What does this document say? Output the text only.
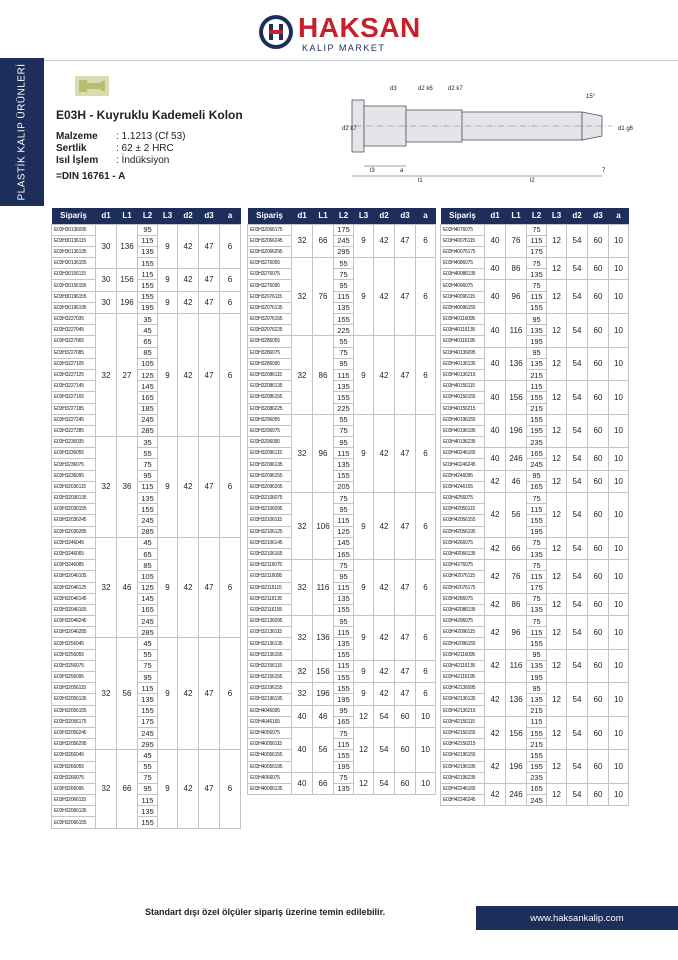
PLASTİK KALIP ÜRÜNLERİ
HAKSAN
KALIP MARKET
E03H - Kuyruklu Kademeli Kolon
Malzeme : 1.1213 (Cf 53)
Sertlik	: 62 ± 2 HRC
Isıl İşlem : İndüksiyon
=DIN 16761 - A
d3	d2 k6	d2 k7
15°
d2 k7	d1 g6
l3	a
l1	l2
7
Sipariş	d1	L1	L2	L3	d2	d3	a
E03H30136095	30	136	95	9	42	47	6
E03H30136115			115				
E03H30136135			135				
E03H30136155			155				
E03H30156115	30	156	115	9	42	47	6
E03H30156155			155				
E03H30196155	30	196	155	9	42	47	6
E03H30196195			195				
E03H3227035	32	27	35	9	42	47	6
E03H3227045			45				
E03H3227065			65				
E03H3227085			85				
E03H3227105			105				
E03H3227125			125				
E03H3227145			145				
E03H3227165			165				
E03H3227185			185				
E03H3227245			245				
E03H3227285			285				
E03H3236035	32	36	35	9	42	47	6
E03H3236055			55				
E03H3236075			75				
E03H3236095			95				
E03H32036115			115				
E03H32036135			135				
E03H32036155			155				
E03H32036245			245				
E03H32036285			285				
E03H3246045	32	46	45	9	42	47	6
E03H3246065			65				
E03H3246085			85				
E03H32046105			105				
E03H32046125			125				
E03H32046145			145				
E03H32046165			165				
E03H32046245			245				
E03H32046285			285				
E03H3256045	32	56	45	9	42	47	6
E03H3256055			55				
E03H3256075			75				
E03H3256095			95				
E03H32056115			115				
E03H32056135			135				
E03H32056155			155				
E03H32056175			175				
E03H32056245			245				
E03H32056295			295				
E03H3266045	32	66	45	9	42	47	6
E03H3266055			55				
E03H3266075			75				
E03H3266095			95				
E03H32066115			115				
E03H32066135			135				
E03H32066155			155				
Sipariş	d1	L1	L2	L3	d2	d3	a
E03H32066175	32	66	175	9	42	47	6
E03H32066245			245				
E03H32066295			295				
E03H3276055	32	76	55	9	42	47	6
E03H3276075			75				
E03H3276095			95				
E03H32076115			115				
E03H32076135			135				
E03H32076155			155				
E03H32076225			225				
E03H3286055	32	86	55	9	42	47	6
E03H3286075			75				
E03H3286095			95				
E03H32086115			115				
E03H32086135			135				
E03H32086155			155				
E03H32086225			225				
E03H3296055	32	96	55	9	42	47	6
E03H3296075			75				
E03H3296095			95				
E03H32096115			115				
E03H32096135			135				
E03H32096155			155				
E03H32096205			205				
E03H32106075	32	106	75	9	42	47	6
E03H32106095			95				
E03H32106115			115				
E03H32106125			125				
E03H32106145			145				
E03H32106165			165				
E03H32116075	32	116	75	9	42	47	6
E03H32116095			95				
E03H32116115			115				
E03H32116135			135				
E03H32116155			155				
E03H32136095	32	136	95	9	42	47	6
E03H32136115			115				
E03H32136135			135				
E03H32136155			155				
E03H32156115	32	156	115	9	42	47	6
E03H32156155			155				
E03H32196155	32	196	155	9	42	47	6
E03H32196195			195				
E03H4046095	40	46	95	12	54	60	10
E03H4046165			165				
E03H4056075	40	56	75	12	54	60	10
E03H40056115			115				
E03H40056155			155				
E03H40056195			195				
E03H4066075	40	66	75	12	54	60	10
E03H40066135			135				
Sipariş	d1	L1	L2	L3	d2	d3	a
E03H4076075	40	76	75	12	54	60	10
E03H40076115			115				
E03H40076175			175				
E03H4086075	40	86	75	12	54	60	10
E03H40086135			135				
E03H4096075	40	96	75	12	54	60	10
E03H40096115			115				
E03H40096155			155				
E03H40116095	40	116	95	12	54	60	10
E03H40116135			135				
E03H40116195			195				
E03H40136095	40	136	95	12	54	60	10
E03H40136135			135				
E03H40136215			215				
E03H40156115	40	156	115	12	54	60	10
E03H40156155			155				
E03H40156215			215				
E03H40196155	40	196	155	12	54	60	10
E03H40196195			195				
E03H40196235			235				
E03H40246165	40	246	165	12	54	60	10
E03H40246245			245				
E03H4246095	42	46	95	12	54	60	10
E03H4246165			165				
E03H4256075	42	56	75	12	54	60	10
E03H42056115			115				
E03H42056155			155				
E03H42056195			195				
E03H4266075	42	66	75	12	54	60	10
E03H42066135			135				
E03H4276075	42	76	75	12	54	60	10
E03H42076115			115				
E03H42076175			175				
E03H4286075	42	86	75	12	54	60	10
E03H42086135			135				
E03H4296075	42	96	75	12	54	60	10
E03H42096115			115				
E03H42096155			155				
E03H42116095	42	116	95	12	54	60	10
E03H42116135			135				
E03H42116195			195				
E03H42136095	42	136	95	12	54	60	10
E03H42136135			135				
E03H42136215			215				
E03H42156115	42	156	115	12	54	60	10
E03H42156155			155				
E03H42156215			215				
E03H42196155	42	196	155	12	54	60	10
E03H42196195			195				
E03H42196235			235				
E03H42246165	42	246	165	12	54	60	10
E03H42246245			245				
Standart dışı özel ölçüler sipariş üzerine temin edilebilir.
www.haksankalip.com
